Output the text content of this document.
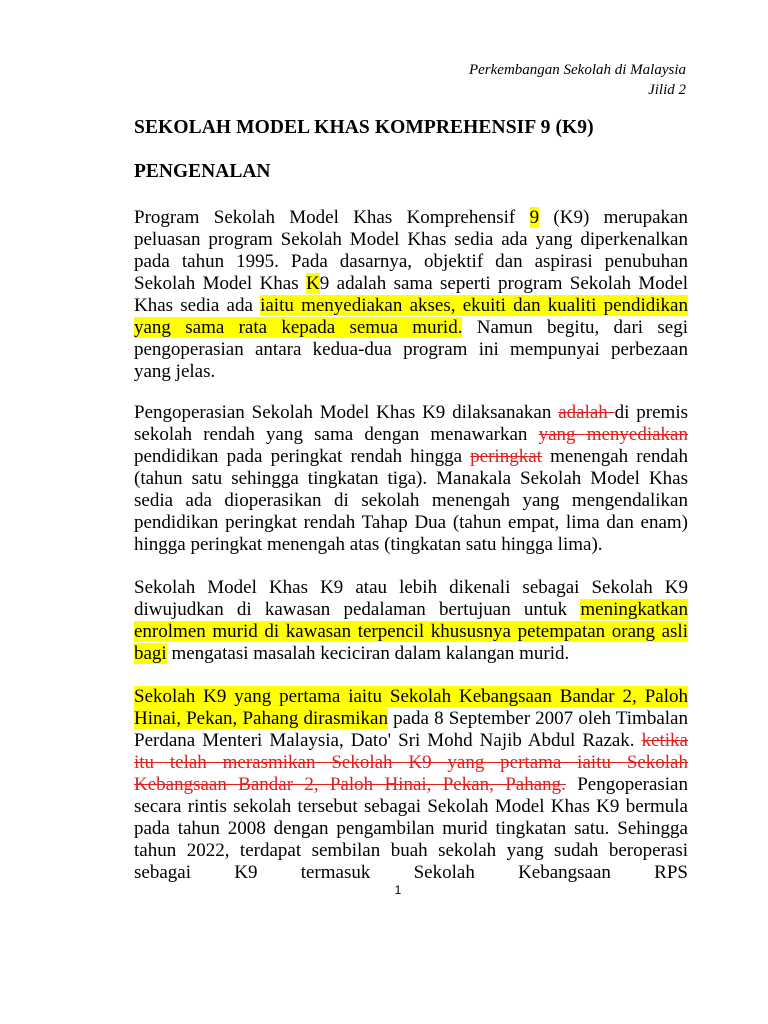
Perkembangan Sekolah di Malaysia
Jilid 2
SEKOLAH MODEL KHAS KOMPREHENSIF 9 (K9)
PENGENALAN

Program Sekolah Model Khas Komprehensif 9 (K9) merupakan peluasan program Sekolah Model Khas sedia ada yang diperkenalkan pada tahun 1995. Pada dasarnya, objektif dan aspirasi penubuhan Sekolah Model Khas K9 adalah sama seperti program Sekolah Model Khas sedia ada iaitu menyediakan akses, ekuiti dan kualiti pendidikan yang sama rata kepada semua murid. Namun begitu, dari segi pengoperasian antara kedua-dua program ini mempunyai perbezaan yang jelas.

Pengoperasian Sekolah Model Khas K9 dilaksanakan adalah di premis sekolah rendah yang sama dengan menawarkan yang menyediakan pendidikan pada peringkat rendah hingga peringkat menengah rendah (tahun satu sehingga tingkatan tiga). Manakala Sekolah Model Khas sedia ada dioperasikan di sekolah menengah yang mengendalikan pendidikan peringkat rendah Tahap Dua (tahun empat, lima dan enam) hingga peringkat menengah atas (tingkatan satu hingga lima).

Sekolah Model Khas K9 atau lebih dikenali sebagai Sekolah K9 diwujudkan di kawasan pedalaman bertujuan untuk meningkatkan enrolmen murid di kawasan terpencil khususnya petempatan orang asli bagi mengatasi masalah keciciran dalam kalangan murid.

Sekolah K9 yang pertama iaitu Sekolah Kebangsaan Bandar 2, Paloh Hinai, Pekan, Pahang dirasmikan pada 8 September 2007 oleh Timbalan Perdana Menteri Malaysia, Dato' Sri Mohd Najib Abdul Razak. ketika itu telah merasmikan Sekolah K9 yang pertama iaitu Sekolah Kebangsaan Bandar 2, Paloh Hinai, Pekan, Pahang. Pengoperasian secara rintis sekolah tersebut sebagai Sekolah Model Khas K9 bermula pada tahun 2008 dengan pengambilan murid tingkatan satu. Sehingga tahun 2022, terdapat sembilan buah sekolah yang sudah beroperasi sebagai K9 termasuk Sekolah Kebangsaan RPS

1
